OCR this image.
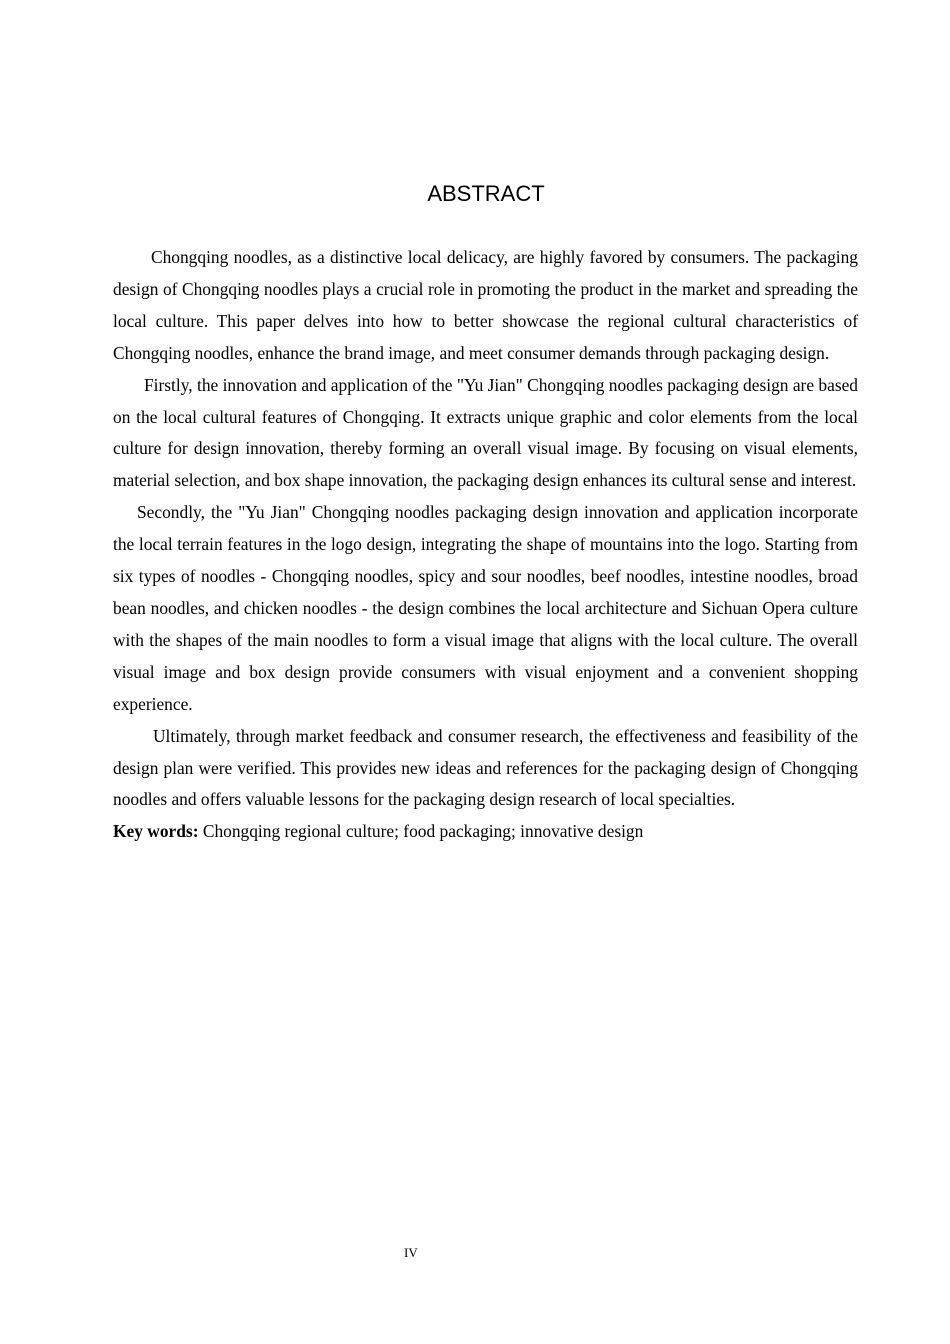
ABSTRACT

Chongqing noodles, as a distinctive local delicacy, are highly favored by consumers. The packaging design of Chongqing noodles plays a crucial role in promoting the product in the market and spreading the local culture. This paper delves into how to better showcase the regional cultural characteristics of Chongqing noodles, enhance the brand image, and meet consumer demands through packaging design.

Firstly, the innovation and application of the "Yu Jian" Chongqing noodles packaging design are based on the local cultural features of Chongqing. It extracts unique graphic and color elements from the local culture for design innovation, thereby forming an overall visual image. By focusing on visual elements, material selection, and box shape innovation, the packaging design enhances its cultural sense and interest.

Secondly, the "Yu Jian" Chongqing noodles packaging design innovation and application incorporate the local terrain features in the logo design, integrating the shape of mountains into the logo. Starting from six types of noodles - Chongqing noodles, spicy and sour noodles, beef noodles, intestine noodles, broad bean noodles, and chicken noodles - the design combines the local architecture and Sichuan Opera culture with the shapes of the main noodles to form a visual image that aligns with the local culture. The overall visual image and box design provide consumers with visual enjoyment and a convenient shopping experience.

Ultimately, through market feedback and consumer research, the effectiveness and feasibility of the design plan were verified. This provides new ideas and references for the packaging design of Chongqing noodles and offers valuable lessons for the packaging design research of local specialties.

Key words: Chongqing regional culture; food packaging; innovative design

IV
